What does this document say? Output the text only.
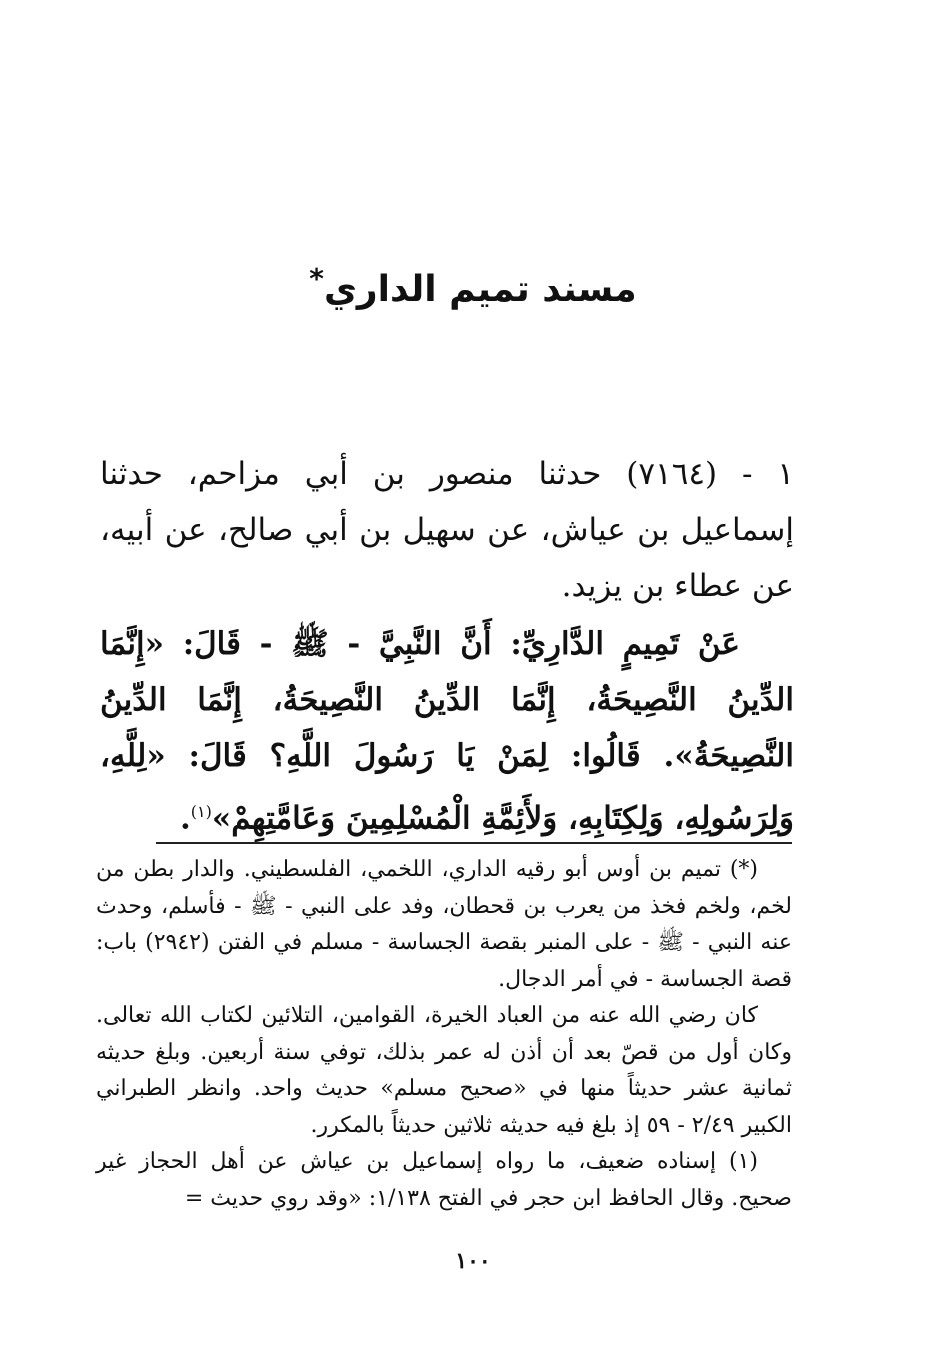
مسند تميم الداري*

١ - (٧١٦٤) حدثنا منصور بن أبي مزاحم، حدثنا إسماعيل بن عياش، عن سهيل بن أبي صالح، عن أبيه، عن عطاء بن يزيد.

عَنْ تَمِيمٍ الدَّارِيِّ: أَنَّ النَّبِيَّ - ﷺ - قَالَ: «إِنَّمَا الدِّينُ النَّصِيحَةُ، إِنَّمَا الدِّينُ النَّصِيحَةُ، إِنَّمَا الدِّينُ النَّصِيحَةُ». قَالُوا: لِمَنْ يَا رَسُولَ اللَّهِ؟ قَالَ: «لِلَّهِ، وَلِرَسُولِهِ، وَلِكِتَابِهِ، وَلأَئِمَّةِ الْمُسْلِمِينَ وَعَامَّتِهِمْ»$^{(١)}$.

(*) تميم بن أوس أبو رقيه الداري، اللخمي، الفلسطيني. والدار بطن من لخم، ولخم فخذ من يعرب بن قحطان، وفد على النبي - ﷺ - فأسلم، وحدث عنه النبي - ﷺ - على المنبر بقصة الجساسة - مسلم في الفتن (٢٩٤٢) باب: قصة الجساسة - في أمر الدجال.

كان رضي الله عنه من العباد الخيرة، القوامين، التلائين لكتاب الله تعالى. وكان أول من قصّ بعد أن أذن له عمر بذلك، توفي سنة أربعين. وبلغ حديثه ثمانية عشر حديثاً منها في «صحيح مسلم» حديث واحد. وانظر الطبراني الكبير ٢/٤٩ - ٥٩ إذ بلغ فيه حديثه ثلاثين حديثاً بالمكرر.

(١) إسناده ضعيف، ما رواه إسماعيل بن عياش عن أهل الحجاز غير صحيح. وقال الحافظ ابن حجر في الفتح ١/١٣٨: «وقد روي حديث =

١٠٠
